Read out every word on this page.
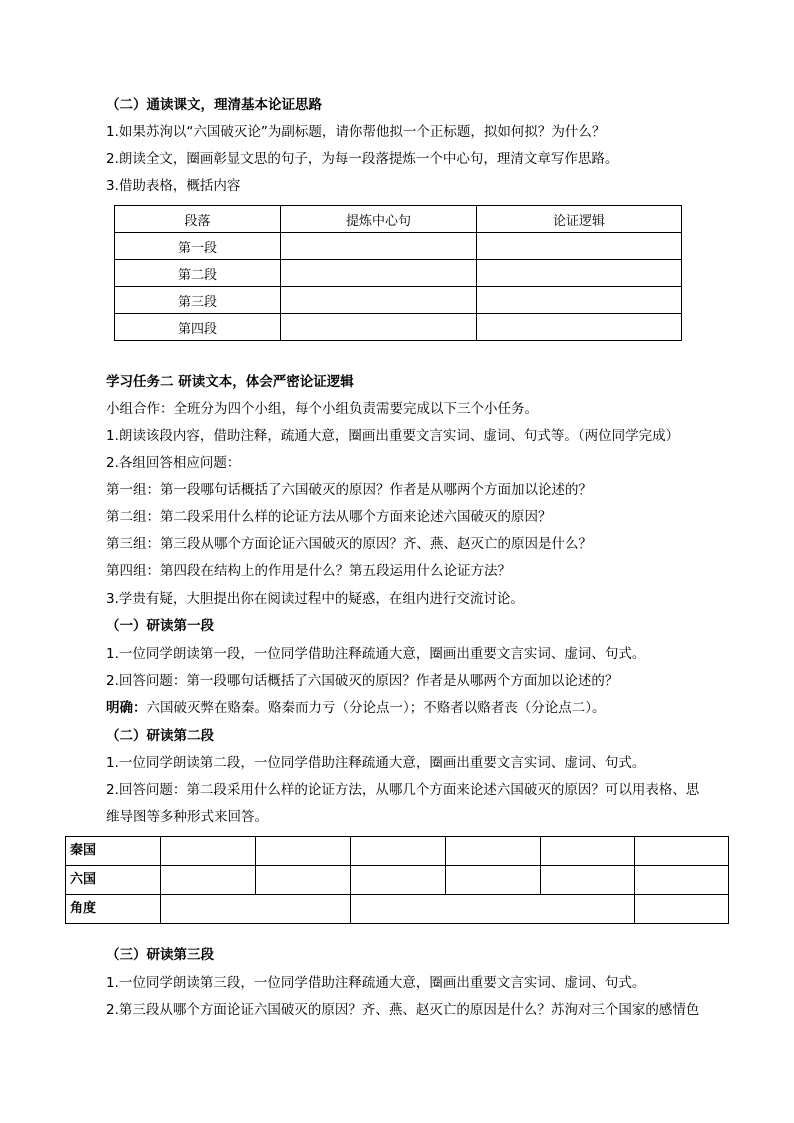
（二）通读课文，理清基本论证思路
1.如果苏洵以“六国破灭论”为副标题，请你帮他拟一个正标题，拟如何拟？为什么？
2.朗读全文，圈画彰显文思的句子，为每一段落提炼一个中心句，理清文章写作思路。
3.借助表格，概括内容
段落	提炼中心句	论证逻辑
第一段		
第二段		
第三段		
第四段		
学习任务二 研读文本，体会严密论证逻辑
小组合作：全班分为四个小组，每个小组负责需要完成以下三个小任务。
1.朗读该段内容，借助注释，疏通大意，圈画出重要文言实词、虚词、句式等。（两位同学完成）
2.各组回答相应问题：
第一组：第一段哪句话概括了六国破灭的原因？作者是从哪两个方面加以论述的？
第二组：第二段采用什么样的论证方法从哪个方面来论述六国破灭的原因？
第三组：第三段从哪个方面论证六国破灭的原因？齐、燕、赵灭亡的原因是什么？
第四组：第四段在结构上的作用是什么？第五段运用什么论证方法？
3.学贵有疑，大胆提出你在阅读过程中的疑惑，在组内进行交流讨论。
（一）研读第一段
1.一位同学朗读第一段，一位同学借助注释疏通大意，圈画出重要文言实词、虚词、句式。
2.回答问题：第一段哪句话概括了六国破灭的原因？作者是从哪两个方面加以论述的？
明确：六国破灭弊在赂秦。赂秦而力亏（分论点一）；不赂者以赂者丧（分论点二）。
（二）研读第二段
1.一位同学朗读第二段，一位同学借助注释疏通大意，圈画出重要文言实词、虚词、句式。
2.回答问题：第二段采用什么样的论证方法，从哪几个方面来论述六国破灭的原因？可以用表格、思
维导图等多种形式来回答。
秦国						
六国						
角度						
（三）研读第三段
1.一位同学朗读第三段，一位同学借助注释疏通大意，圈画出重要文言实词、虚词、句式。
2.第三段从哪个方面论证六国破灭的原因？齐、燕、赵灭亡的原因是什么？苏洵对三个国家的感情色
